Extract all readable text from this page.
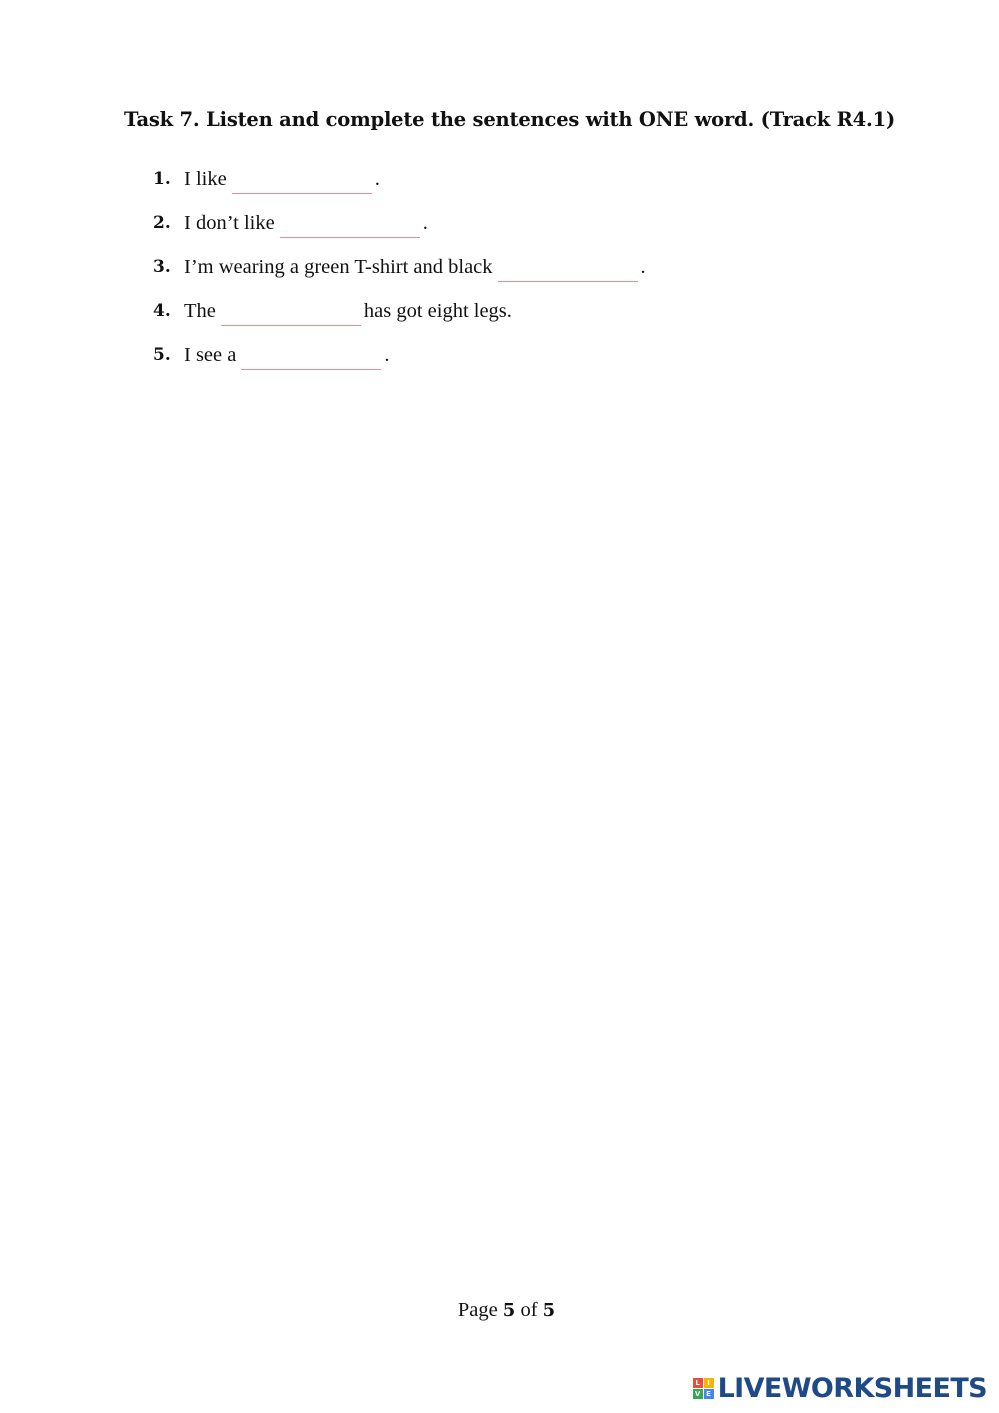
Task 7. Listen and complete the sentences with ONE word. (Track R4.1)
1. I like	.
2. I don’t like	.
3. I’m wearing a green T-shirt and black	.
4. The	has got eight legs.
5. I see a	.
Page 5 of 5
L	I
V E LIVEWORKSHEETS
